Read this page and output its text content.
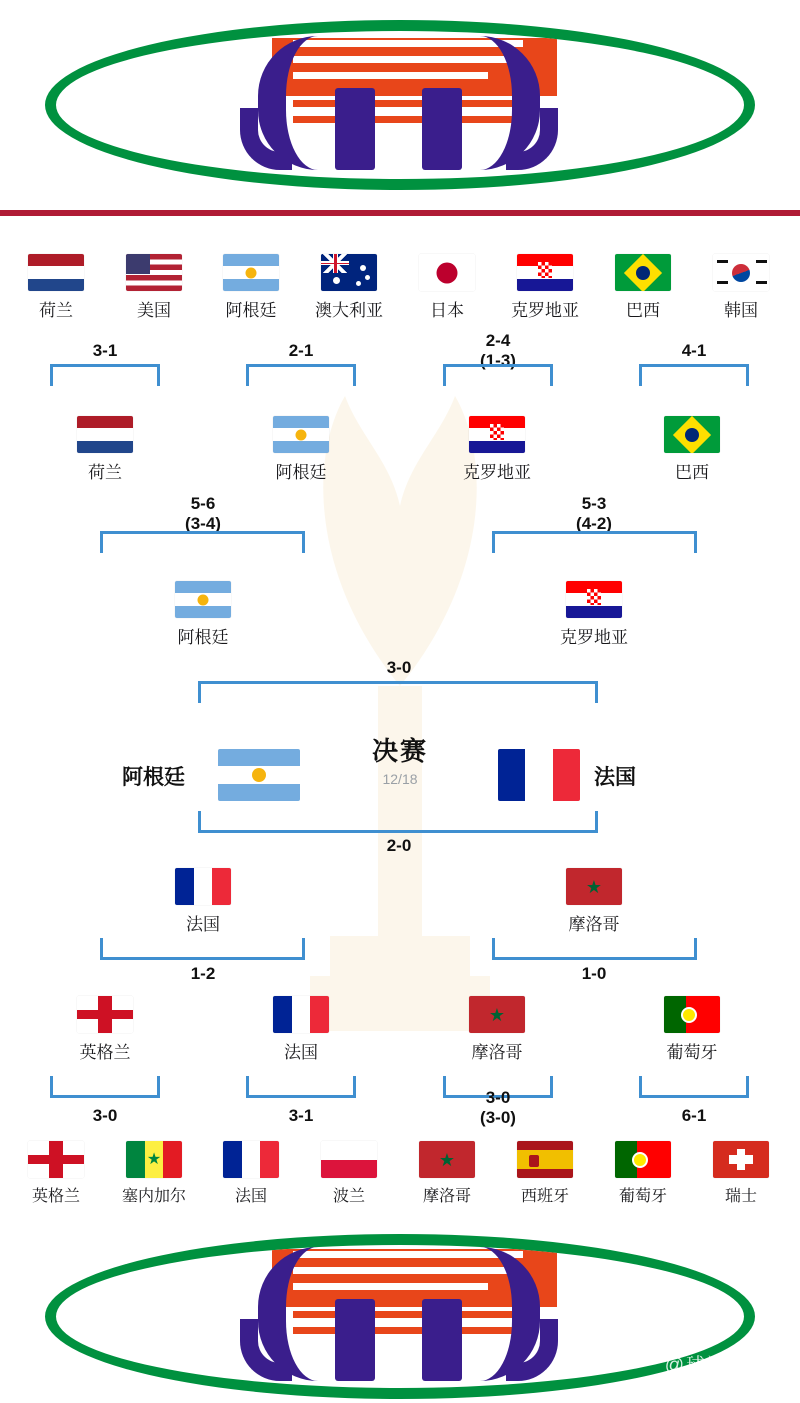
荷兰	美国	阿根廷 澳大利亚	日本	克罗地亚	巴西	韩国
3-1	2-1
2-4
(1-3)
4-1
荷兰	阿根廷	克罗地亚	巴西
5-6
(3-4)
5-3
(4-2)
阿根廷	克罗地亚
3-0
决赛
12/18
阿根廷	法国
2-0
法国
★
摩洛哥
1-2	1-0
英格兰	法国
★
摩洛哥	葡萄牙
3-0	3-1
3-0
(3-0)	6-1
英格兰
★
塞内加尔	法国	波兰
★
摩洛哥	西班牙	葡萄牙	瑞士
@球迷说球
